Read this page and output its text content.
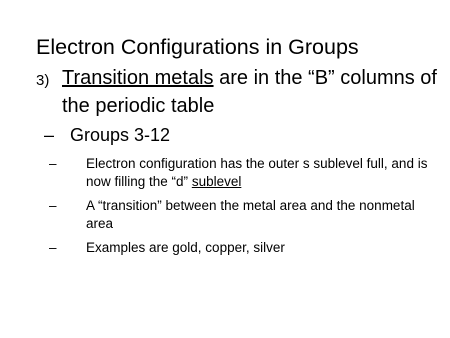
Electron Configurations in Groups
3) Transition metals are in the “B” columns of the periodic table
– Groups 3-12
– Electron configuration has the outer s sublevel full, and is now filling the “d” sublevel
– A “transition” between the metal area and the nonmetal area
– Examples are gold, copper, silver
